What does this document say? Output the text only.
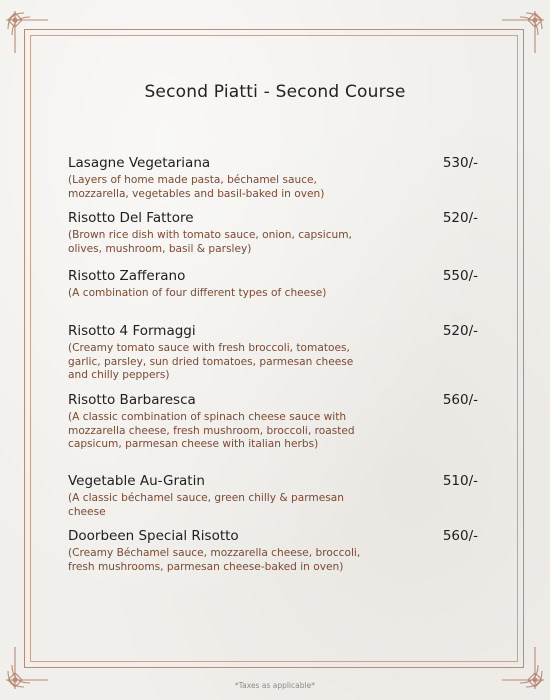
Second Piatti - Second Course
Lasagne Vegetariana	530/-
(Layers of home made pasta, béchamel sauce, mozzarella, vegetables and basil-baked in oven)
Risotto Del Fattore	520/-
(Brown rice dish with tomato sauce, onion, capsicum, olives, mushroom, basil & parsley)
Risotto Zafferano	550/-
(A combination of four different types of cheese)
Risotto 4 Formaggi	520/-
(Creamy tomato sauce with fresh broccoli, tomatoes, garlic, parsley, sun dried tomatoes, parmesan cheese and chilly peppers)
Risotto Barbaresca	560/-
(A classic combination of spinach cheese sauce with mozzarella cheese, fresh mushroom, broccoli, roasted capsicum, parmesan cheese with italian herbs)
Vegetable Au-Gratin	510/-
(A classic béchamel sauce, green chilly & parmesan cheese
Doorbeen Special Risotto	560/-
(Creamy Béchamel sauce, mozzarella cheese, broccoli, fresh mushrooms, parmesan cheese-baked in oven)
*Taxes as applicable*
